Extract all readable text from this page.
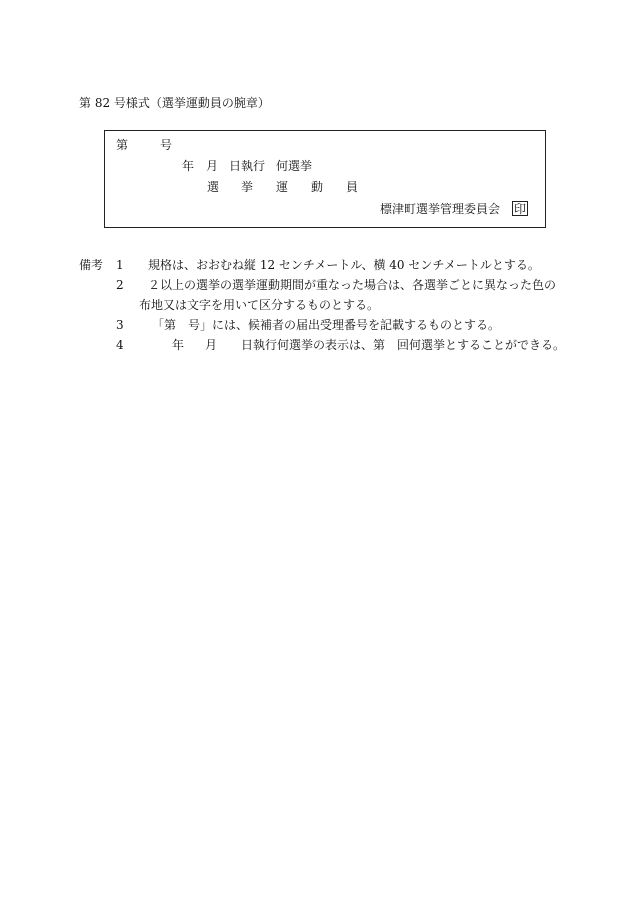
第 82 号様式（選挙運動員の腕章）
第	号
年 月 日執行 何選挙
選 挙 運 動 員
標津町選挙管理委員会 印
備考 1 規格は、おおむね縦 12 センチメートル、横 40 センチメートルとする。
2 ２以上の選挙の選挙運動期間が重なった場合は、各選挙ごとに異なった色の
布地又は文字を用いて区分するものとする。
3 「第　号」には、候補者の届出受理番号を記載するものとする。
4	年 月 日執行何選挙の表示は、第　回何選挙とすることができる。
